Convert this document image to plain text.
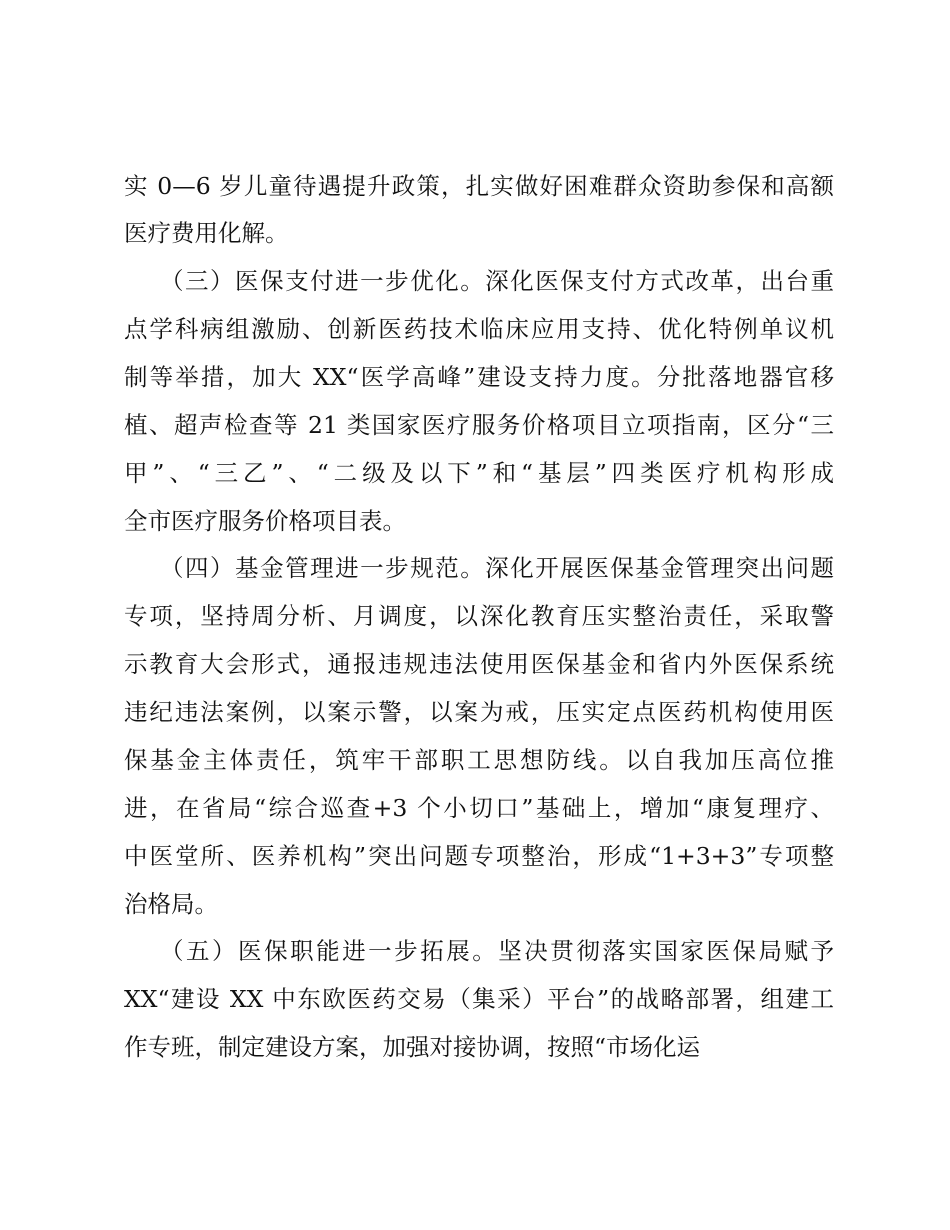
实 0—6 岁儿童待遇提升政策，扎实做好困难群众资助参保和高额
医疗费用化解。
（三）医保支付进一步优化。深化医保支付方式改革，出台重
点学科病组激励、创新医药技术临床应用支持、优化特例单议机
制等举措，加大 XX“医学高峰”建设支持力度。分批落地器官移
植、超声检查等 21 类国家医疗服务价格项目立项指南，区分“三
甲”、“三乙”、“二级及以下”和“基层”四类医疗机构形成
全市医疗服务价格项目表。
（四）基金管理进一步规范。深化开展医保基金管理突出问题
专项，坚持周分析、月调度，以深化教育压实整治责任，采取警
示教育大会形式，通报违规违法使用医保基金和省内外医保系统
违纪违法案例，以案示警，以案为戒，压实定点医药机构使用医
保基金主体责任，筑牢干部职工思想防线。以自我加压高位推
进，在省局“综合巡查+3 个小切口”基础上，增加“康复理疗、
中医堂所、医养机构”突出问题专项整治，形成“1+3+3”专项整
治格局。
（五）医保职能进一步拓展。坚决贯彻落实国家医保局赋予
XX“建设 XX 中东欧医药交易（集采）平台”的战略部署，组建工
作专班，制定建设方案，加强对接协调，按照“市场化运
